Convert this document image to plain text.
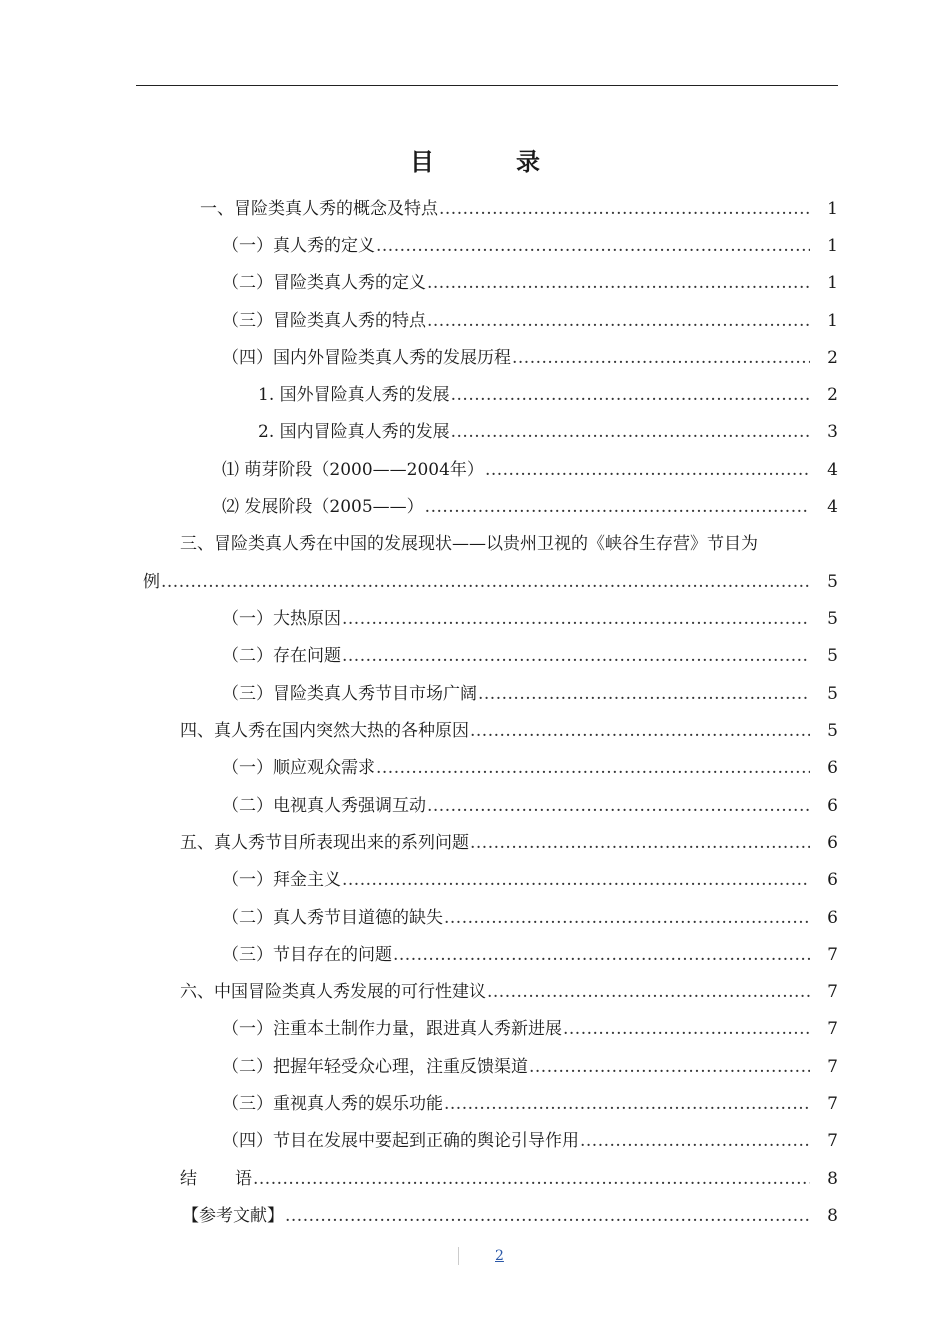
目	录
一、冒险类真人秀的概念及特点 .....	1
（一）真人秀的定义 .....	1
（二）冒险类真人秀的定义 .....	1
（三）冒险类真人秀的特点 .....	1
（四）国内外冒险类真人秀的发展历程 .....	2
1. 国外冒险真人秀的发展 .....	2
2. 国内冒险真人秀的发展 .....	3
⑴ 萌芽阶段（2000——2004年） .....	4
⑵ 发展阶段（2005——） .....	4
三、冒险类真人秀在中国的发展现状——以贵州卫视的《峡谷生存营》节目为
例 .....	5
（一）大热原因 .....	5
（二）存在问题 .....	5
（三）冒险类真人秀节目市场广阔 .....	5
四、真人秀在国内突然大热的各种原因 .....	5
（一）顺应观众需求 .....	6
（二）电视真人秀强调互动 .....	6
五、真人秀节目所表现出来的系列问题 .....	6
（一）拜金主义 .....	6
（二）真人秀节目道德的缺失 .....	6
（三）节目存在的问题 .....	7
六、中国冒险类真人秀发展的可行性建议 .....	7
（一）注重本土制作力量，跟进真人秀新进展 .....	7
（二）把握年轻受众心理，注重反馈渠道 .....	7
（三）重视真人秀的娱乐功能 .....	7
（四）节目在发展中要起到正确的舆论引导作用 .....	7
结 语 .....	8
【参考文献】 .....	8
2
